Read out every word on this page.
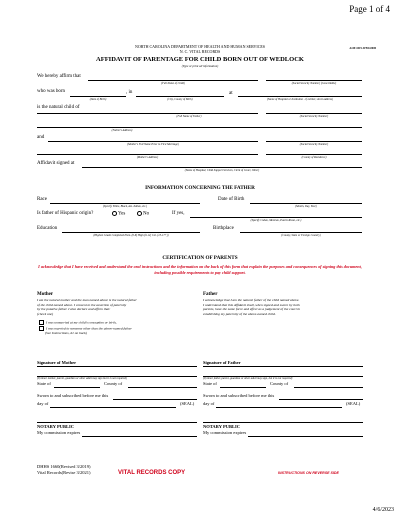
Page 1 of 4
AOP-1019-WED-0000
NORTH CAROLINA DEPARTMENT OF HEALTH AND HUMAN SERVICES
N. C. VITAL RECORDS
AFFIDAVIT OF PARENTAGE FOR CHILD BORN OUT OF WEDLOCK
(Type or print all information)
We hereby affirm that
(Full Name of Child)	(Social Security Number) (Cancellable)
who was born	, in	at
(Date of Birth)	(City, County of Birth)	(Name of Hospital or Institution - if neither, street address)
is the natural child of
(Full Name of Father)	(Social Security Number)
(Father's Address)
and
(Mother's Full Name Prior to First Marriage)	(Social Security Number)
(Mother's Address)	(County of Residence)
Affidavit signed at
(Name of Hospital, Child Support Services, Clerk of Court, Other)
INFORMATION CONCERNING THE FATHER
Race
(Specify White, Black, Am. Indian, etc.)
Date of Birth
(Month, Day, Year)
Is father of Hispanic origin?	Yes	No	If yes,
(Specify Cuban, Mexican, Puerto Rican, etc.)
Education
(Highest Grade Completed Elem. (0-8) High (9-12) Col. (13-17+))
Birthplace
(County, State or Foreign Country)
CERTIFICATION OF PARENTS
I acknowledge that I have received and understand the oral instructions and the information on the back of this form that explain the purposes and consequences of signing this document, including possible requirements to pay child support.
Mother
I am the natural mother and the man named above is the natural father
of the child named above. I consent to the assertion of paternity
by the putative father. I also declare and affirm that:
(check one)
I was unmarried at my child's conception or birth,
I was married to someone other than the above-named father
(See Instructions, #1 on back)
Signature of Mother
(If minor mother, parent, guardian or other adult may sign but it is not required)
State of	County of
Sworn to and subscribed before me this
day of	(SEAL)
NOTARY PUBLIC
My commission expires
Father
I acknowledge that I am the natural father of the child named above.
I understand that this Affidavit shall, when signed and sworn by both
parents, have the same force and effect as a judgement of the court in
establishing my paternity of the above-named child.
Signature of Father
(If minor father, parent, guardian or other adult may sign, but it is not required)
State of	County of
Sworn to and subscribed before me this
day of	(SEAL)
NOTARY PUBLIC
My commission expires
DHHS 1660(Revised 3/2019)
Vital Records(Revise 3/2021)	VITAL RECORDS COPY	INSTRUCTIONS ON REVERSE SIDE
4/6/2023
